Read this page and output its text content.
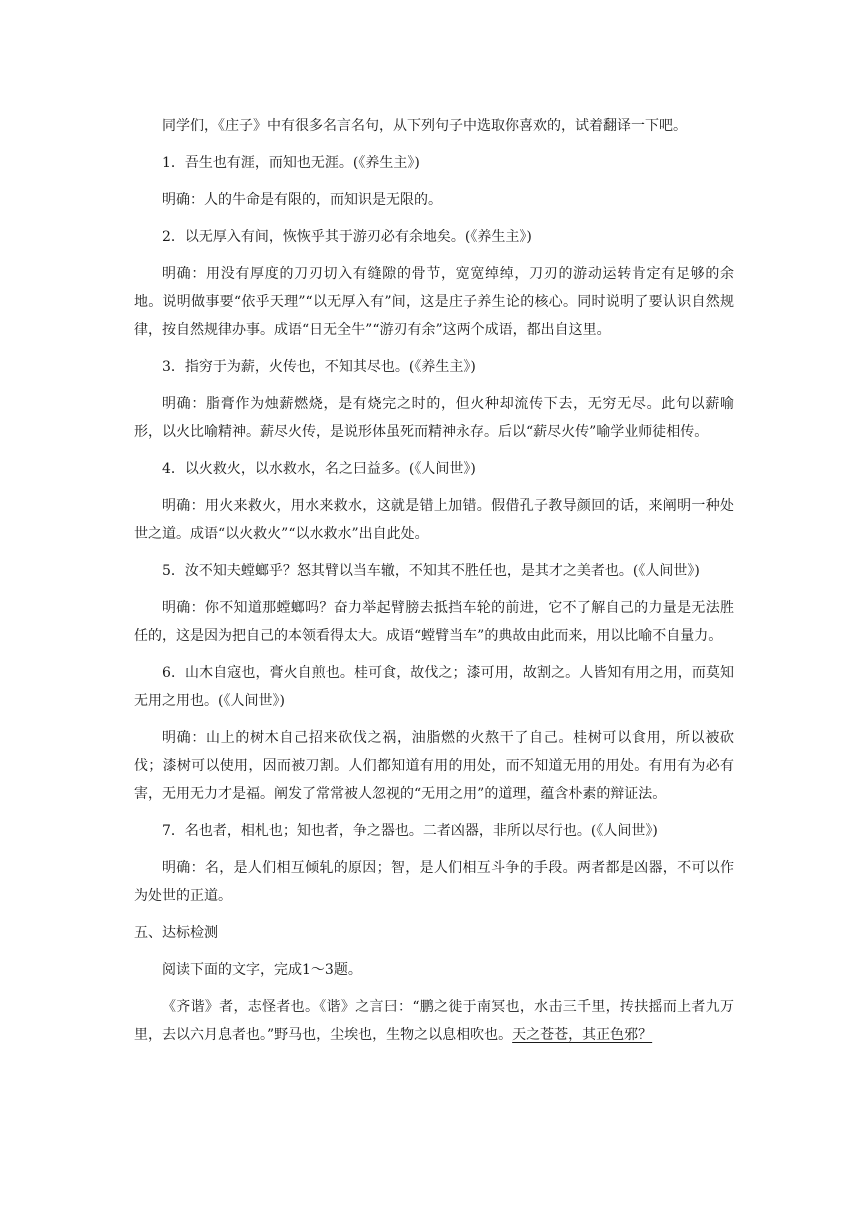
同学们，《庄子》中有很多名言名句，从下列句子中选取你喜欢的，试着翻译一下吧。

1．吾生也有涯，而知也无涯。(《养生主》)

明确：人的牛命是有限的，而知识是无限的。

2．以无厚入有间，恢恢乎其于游刃必有余地矣。(《养生主》)

明确：用没有厚度的刀刃切入有缝隙的骨节，宽宽绰绰，刀刃的游动运转肯定有足够的余地。说明做事要“依乎天理”“以无厚入有”间，这是庄子养生论的核心。同时说明了要认识自然规律，按自然规律办事。成语“日无全牛”“游刃有余”这两个成语，都出自这里。

3．指穷于为薪，火传也，不知其尽也。(《养生主》)

明确：脂膏作为烛薪燃烧，是有烧完之时的，但火种却流传下去，无穷无尽。此句以薪喻形，以火比喻精神。薪尽火传，是说形体虽死而精神永存。后以“薪尽火传”喻学业师徒相传。

4．以火救火，以水救水，名之曰益多。(《人间世》)

明确：用火来救火，用水来救水，这就是错上加错。假借孔子教导颜回的话，来阐明一种处世之道。成语“以火救火”“以水救水”出自此处。

5．汝不知夫螳螂乎？怒其臂以当车辙，不知其不胜任也，是其才之美者也。(《人间世》)

明确：你不知道那螳螂吗？奋力举起臂膀去抵挡车轮的前进，它不了解自己的力量是无法胜任的，这是因为把自己的本领看得太大。成语“螳臂当车”的典故由此而来，用以比喻不自量力。

6．山木自寇也，膏火自煎也。桂可食，故伐之；漆可用，故割之。人皆知有用之用，而莫知无用之用也。(《人间世》)

明确：山上的树木自己招来砍伐之祸，油脂燃的火熬干了自己。桂树可以食用，所以被砍伐；漆树可以使用，因而被刀割。人们都知道有用的用处，而不知道无用的用处。有用有为必有害，无用无力才是福。阐发了常常被人忽视的“无用之用”的道理，蕴含朴素的辩证法。

7．名也者，相札也；知也者，争之器也。二者凶器，非所以尽行也。(《人间世》)

明确：名，是人们相互倾轧的原因；智，是人们相互斗争的手段。两者都是凶器，不可以作为处世的正道。

五、达标检测

阅读下面的文字，完成1～3题。

《齐谐》者，志怪者也。《谐》之言曰：“鹏之徙于南冥也，水击三千里，抟扶摇而上者九万里，去以六月息者也。”野马也，尘埃也，生物之以息相吹也。天之苍苍，其正色邪？
